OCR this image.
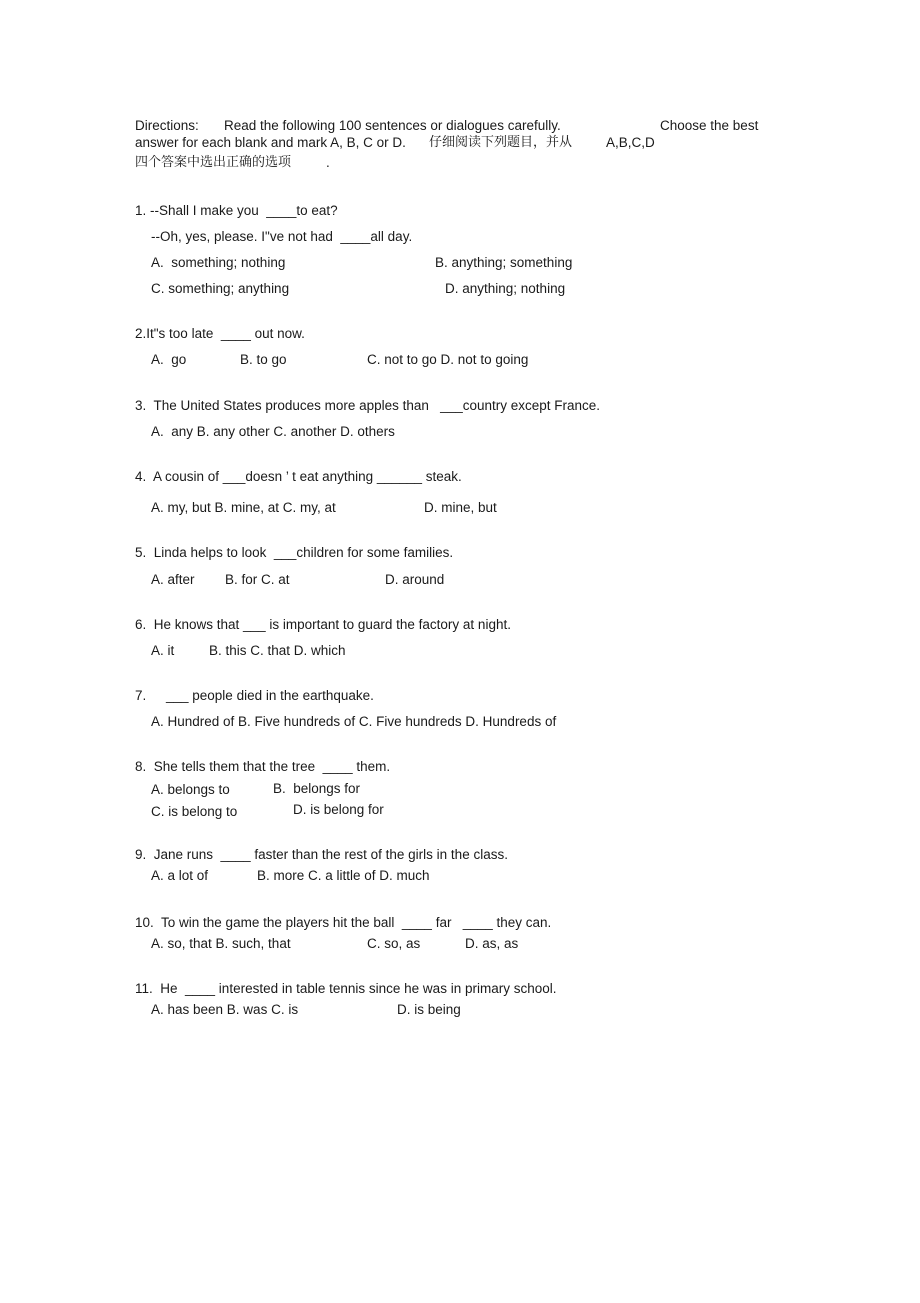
Directions: Read the following 100 sentences or dialogues carefully.	Choose the best
answer for each blank and mark A, B, C or D. 仔细阅读下列题目，并从	A,B,C,D
四个答案中选出正确的选项	.
1. --Shall I make you  ____to eat?
--Oh, yes, please. I"ve not had  ____all day.
A.  something; nothing	B. anything; something
C. something; anything	D. anything; nothing
2.It"s too late  ____ out now.
A.  go	B. to go	C. not to go D. not to going
3.  The United States produces more apples than   ___country except France.
A.  any B. any other C. another D. others
4.  A cousin of ___doesn ’ t eat anything ______ steak.
A. my, but B. mine, at C. my, at	D. mine, but
5.  Linda helps to look  ___children for some families.
A. after B. for C. at	D. around
6.  He knows that ___ is important to guard the factory at night.
A. it	B. this C. that D. which
7. ___ people died in the earthquake.
A. Hundred of B. Five hundreds of C. Five hundreds D. Hundreds of
8.  She tells them that the tree  ____ them.
A. belongs to	B.  belongs for
C. is belong to	D. is belong for
9.  Jane runs  ____ faster than the rest of the girls in the class.
A. a lot of	B. more C. a little of D. much
10.  To win the game the players hit the ball  ____ far   ____ they can.
A. so, that B. such, that	C. so, as	D. as, as
11.  He  ____ interested in table tennis since he was in primary school.
A. has been B. was C. is	D. is being
